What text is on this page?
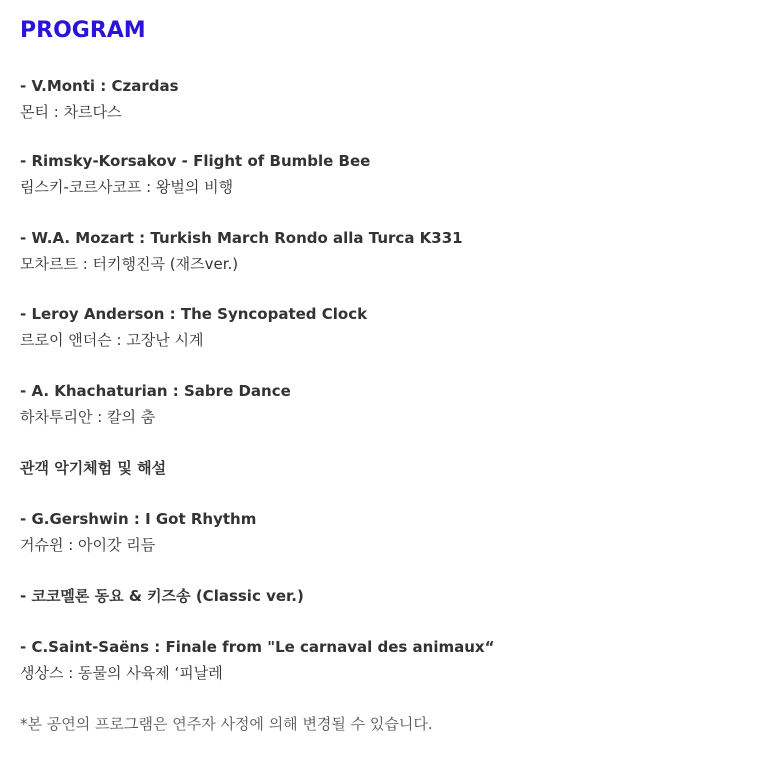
PROGRAM
- V.Monti : Czardas
몬티 : 차르다스
- Rimsky-Korsakov - Flight of Bumble Bee
림스키-코르사코프 : 왕벌의 비행
- W.A. Mozart : Turkish March Rondo alla Turca K331
모차르트 : 터키행진곡 (재즈ver.)
- Leroy Anderson : The Syncopated Clock
르로이 앤더슨 : 고장난 시계
- A. Khachaturian : Sabre Dance
하차투리안 : 칼의 춤
관객 악기체험 및 해설
- G.Gershwin : I Got Rhythm
거슈윈 : 아이갓 리듬
- 코코멜론 동요 & 키즈송 (Classic ver.)
- C.Saint-Saëns : Finale from "Le carnaval des animaux“
생상스 : 동물의 사육제 ‘피날레
*본 공연의 프로그램은 연주자 사정에 의해 변경될 수 있습니다.
